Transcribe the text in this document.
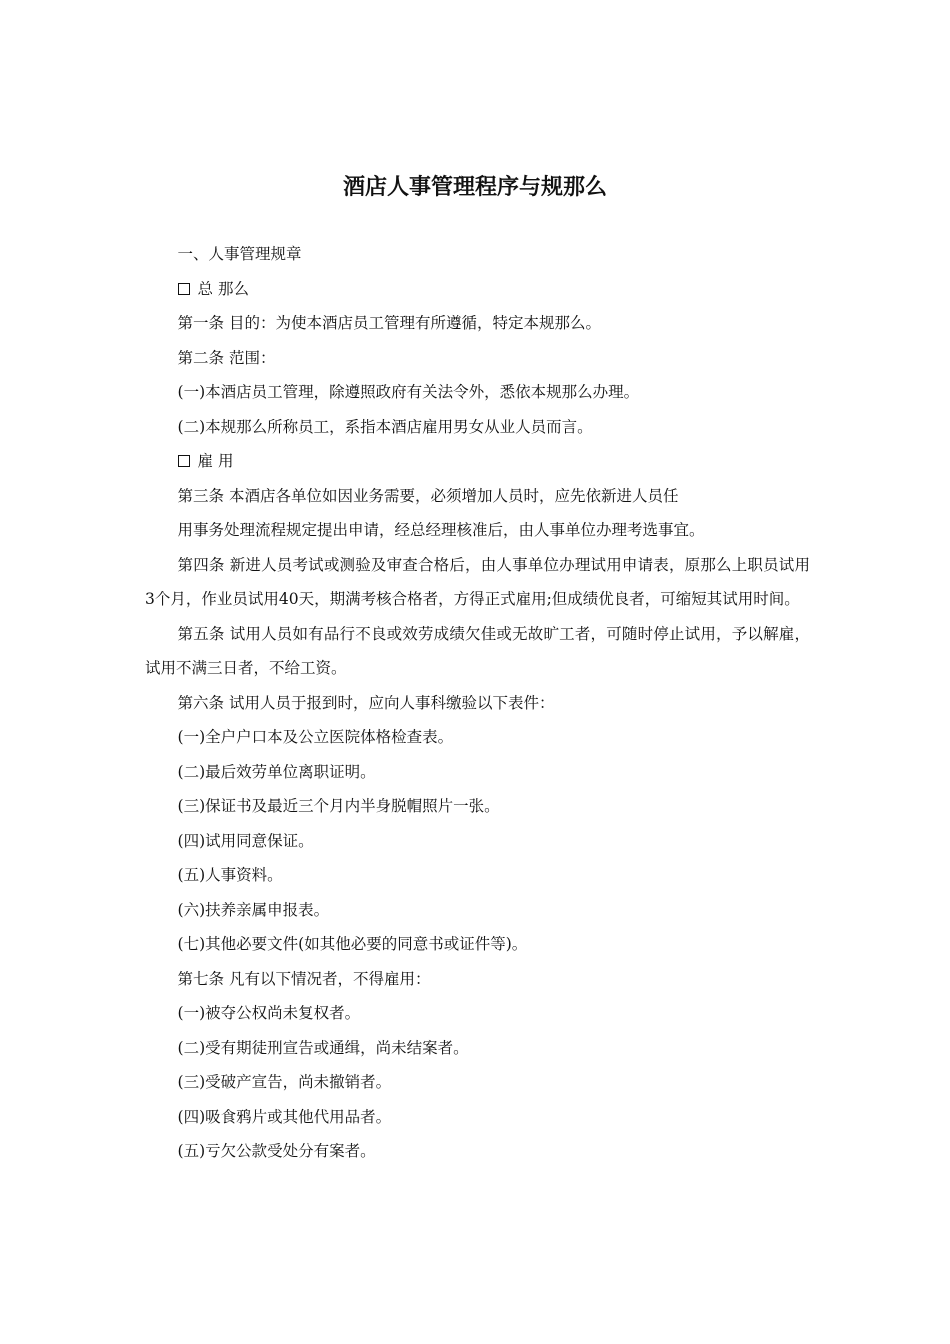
酒店人事管理程序与规那么

一、人事管理规章

总 那么

第一条 目的：为使本酒店员工管理有所遵循，特定本规那么。

第二条 范围：

(一)本酒店员工管理，除遵照政府有关法令外，悉依本规那么办理。

(二)本规那么所称员工，系指本酒店雇用男女从业人员而言。

雇 用

第三条 本酒店各单位如因业务需要，必须增加人员时，应先依新进人员任

用事务处理流程规定提出申请，经总经理核准后，由人事单位办理考选事宜。

第四条 新进人员考试或测验及审查合格后，由人事单位办理试用申请表，原那么上职员试用3个月，作业员试用40天，期满考核合格者，方得正式雇用;但成绩优良者，可缩短其试用时间。

第五条 试用人员如有品行不良或效劳成绩欠佳或无故旷工者，可随时停止试用，予以解雇，试用不满三日者，不给工资。

第六条 试用人员于报到时，应向人事科缴验以下表件：

(一)全户户口本及公立医院体格检查表。

(二)最后效劳单位离职证明。

(三)保证书及最近三个月内半身脱帽照片一张。

(四)试用同意保证。

(五)人事资料。

(六)扶养亲属申报表。

(七)其他必要文件(如其他必要的同意书或证件等)。

第七条 凡有以下情况者，不得雇用：

(一)被夺公权尚未复权者。

(二)受有期徒刑宣告或通缉，尚未结案者。

(三)受破产宣告，尚未撤销者。

(四)吸食鸦片或其他代用品者。

(五)亏欠公款受处分有案者。
